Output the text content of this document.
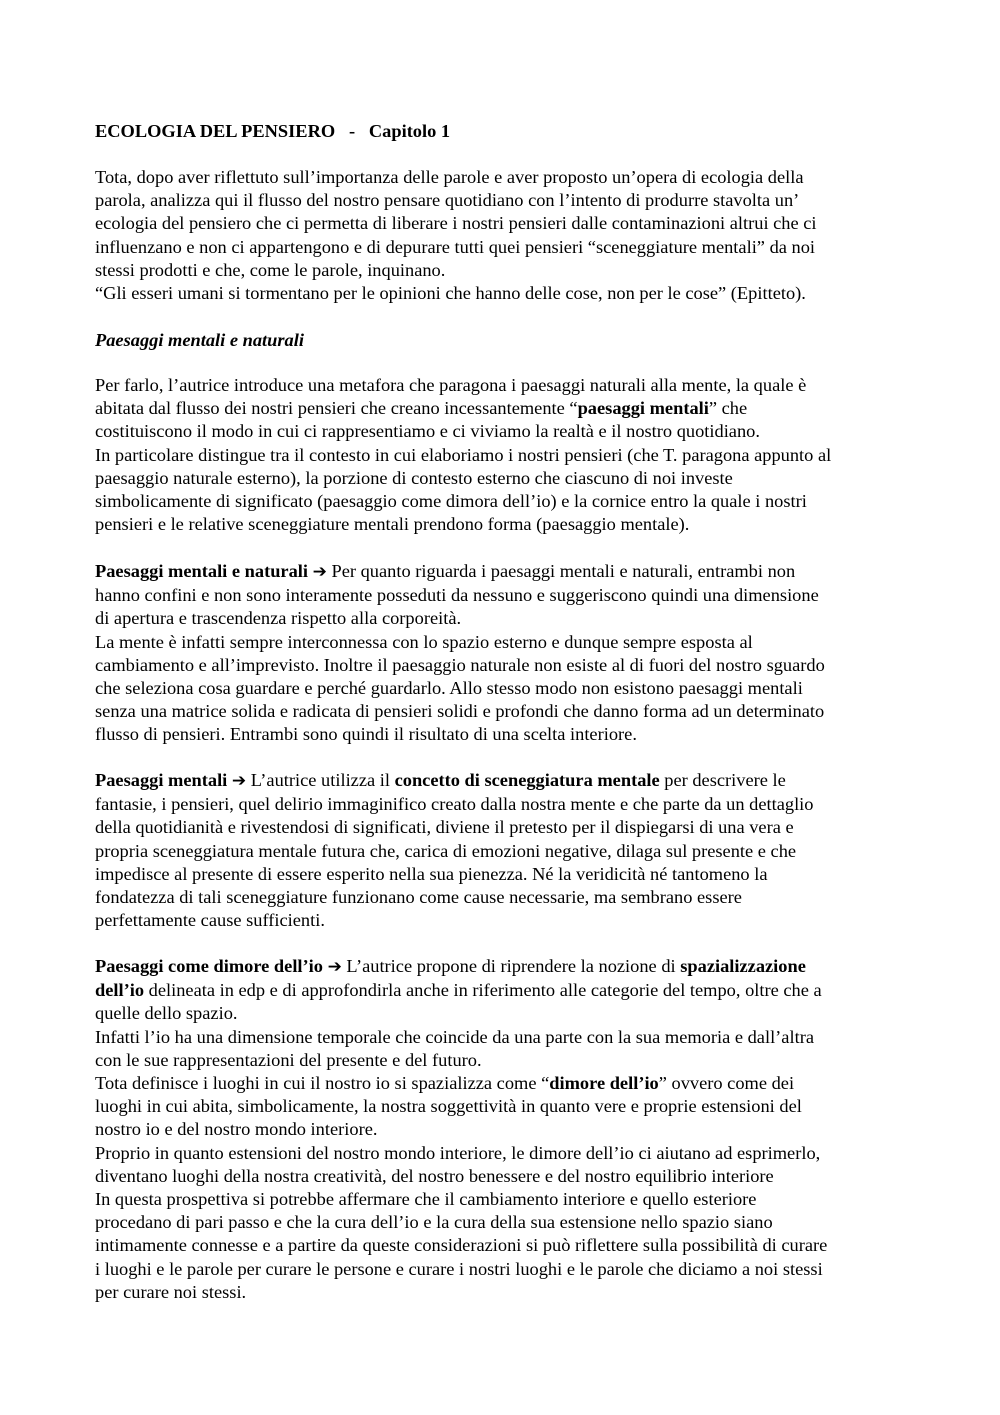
ECOLOGIA DEL PENSIERO   -   Capitolo 1
Tota, dopo aver riflettuto sull’importanza delle parole e aver proposto un’opera di ecologia della
parola, analizza qui il flusso del nostro pensare quotidiano con l’intento di produrre stavolta un’
ecologia del pensiero che ci permetta di liberare i nostri pensieri dalle contaminazioni altrui che ci
influenzano e non ci appartengono e di depurare tutti quei pensieri “sceneggiature mentali” da noi
stessi prodotti e che, come le parole, inquinano.
“Gli esseri umani si tormentano per le opinioni che hanno delle cose, non per le cose” (Epitteto).
Paesaggi mentali e naturali
Per farlo, l’autrice introduce una metafora che paragona i paesaggi naturali alla mente, la quale è
abitata dal flusso dei nostri pensieri che creano incessantemente “paesaggi mentali” che
costituiscono il modo in cui ci rappresentiamo e ci viviamo la realtà e il nostro quotidiano.
In particolare distingue tra il contesto in cui elaboriamo i nostri pensieri (che T. paragona appunto al
paesaggio naturale esterno), la porzione di contesto esterno che ciascuno di noi investe
simbolicamente di significato (paesaggio come dimora dell’io) e la cornice entro la quale i nostri
pensieri e le relative sceneggiature mentali prendono forma (paesaggio mentale).
Paesaggi mentali e naturali ➔ Per quanto riguarda i paesaggi mentali e naturali, entrambi non
hanno confini e non sono interamente posseduti da nessuno e suggeriscono quindi una dimensione
di apertura e trascendenza rispetto alla corporeità.
La mente è infatti sempre interconnessa con lo spazio esterno e dunque sempre esposta al
cambiamento e all’imprevisto. Inoltre il paesaggio naturale non esiste al di fuori del nostro sguardo
che seleziona cosa guardare e perché guardarlo. Allo stesso modo non esistono paesaggi mentali
senza una matrice solida e radicata di pensieri solidi e profondi che danno forma ad un determinato
flusso di pensieri. Entrambi sono quindi il risultato di una scelta interiore.
Paesaggi mentali ➔ L’autrice utilizza il concetto di sceneggiatura mentale per descrivere le
fantasie, i pensieri, quel delirio immaginifico creato dalla nostra mente e che parte da un dettaglio
della quotidianità e rivestendosi di significati, diviene il pretesto per il dispiegarsi di una vera e
propria sceneggiatura mentale futura che, carica di emozioni negative, dilaga sul presente e che
impedisce al presente di essere esperito nella sua pienezza. Né la veridicità né tantomeno la
fondatezza di tali sceneggiature funzionano come cause necessarie, ma sembrano essere
perfettamente cause sufficienti.
Paesaggi come dimore dell’io ➔ L’autrice propone di riprendere la nozione di spazializzazione
dell’io delineata in edp e di approfondirla anche in riferimento alle categorie del tempo, oltre che a
quelle dello spazio.
Infatti l’io ha una dimensione temporale che coincide da una parte con la sua memoria e dall’altra
con le sue rappresentazioni del presente e del futuro.
Tota definisce i luoghi in cui il nostro io si spazializza come “dimore dell’io” ovvero come dei
luoghi in cui abita, simbolicamente, la nostra soggettività in quanto vere e proprie estensioni del
nostro io e del nostro mondo interiore.
Proprio in quanto estensioni del nostro mondo interiore, le dimore dell’io ci aiutano ad esprimerlo,
diventano luoghi della nostra creatività, del nostro benessere e del nostro equilibrio interiore
In questa prospettiva si potrebbe affermare che il cambiamento interiore e quello esteriore
procedano di pari passo e che la cura dell’io e la cura della sua estensione nello spazio siano
intimamente connesse e a partire da queste considerazioni si può riflettere sulla possibilità di curare
i luoghi e le parole per curare le persone e curare i nostri luoghi e le parole che diciamo a noi stessi
per curare noi stessi.
